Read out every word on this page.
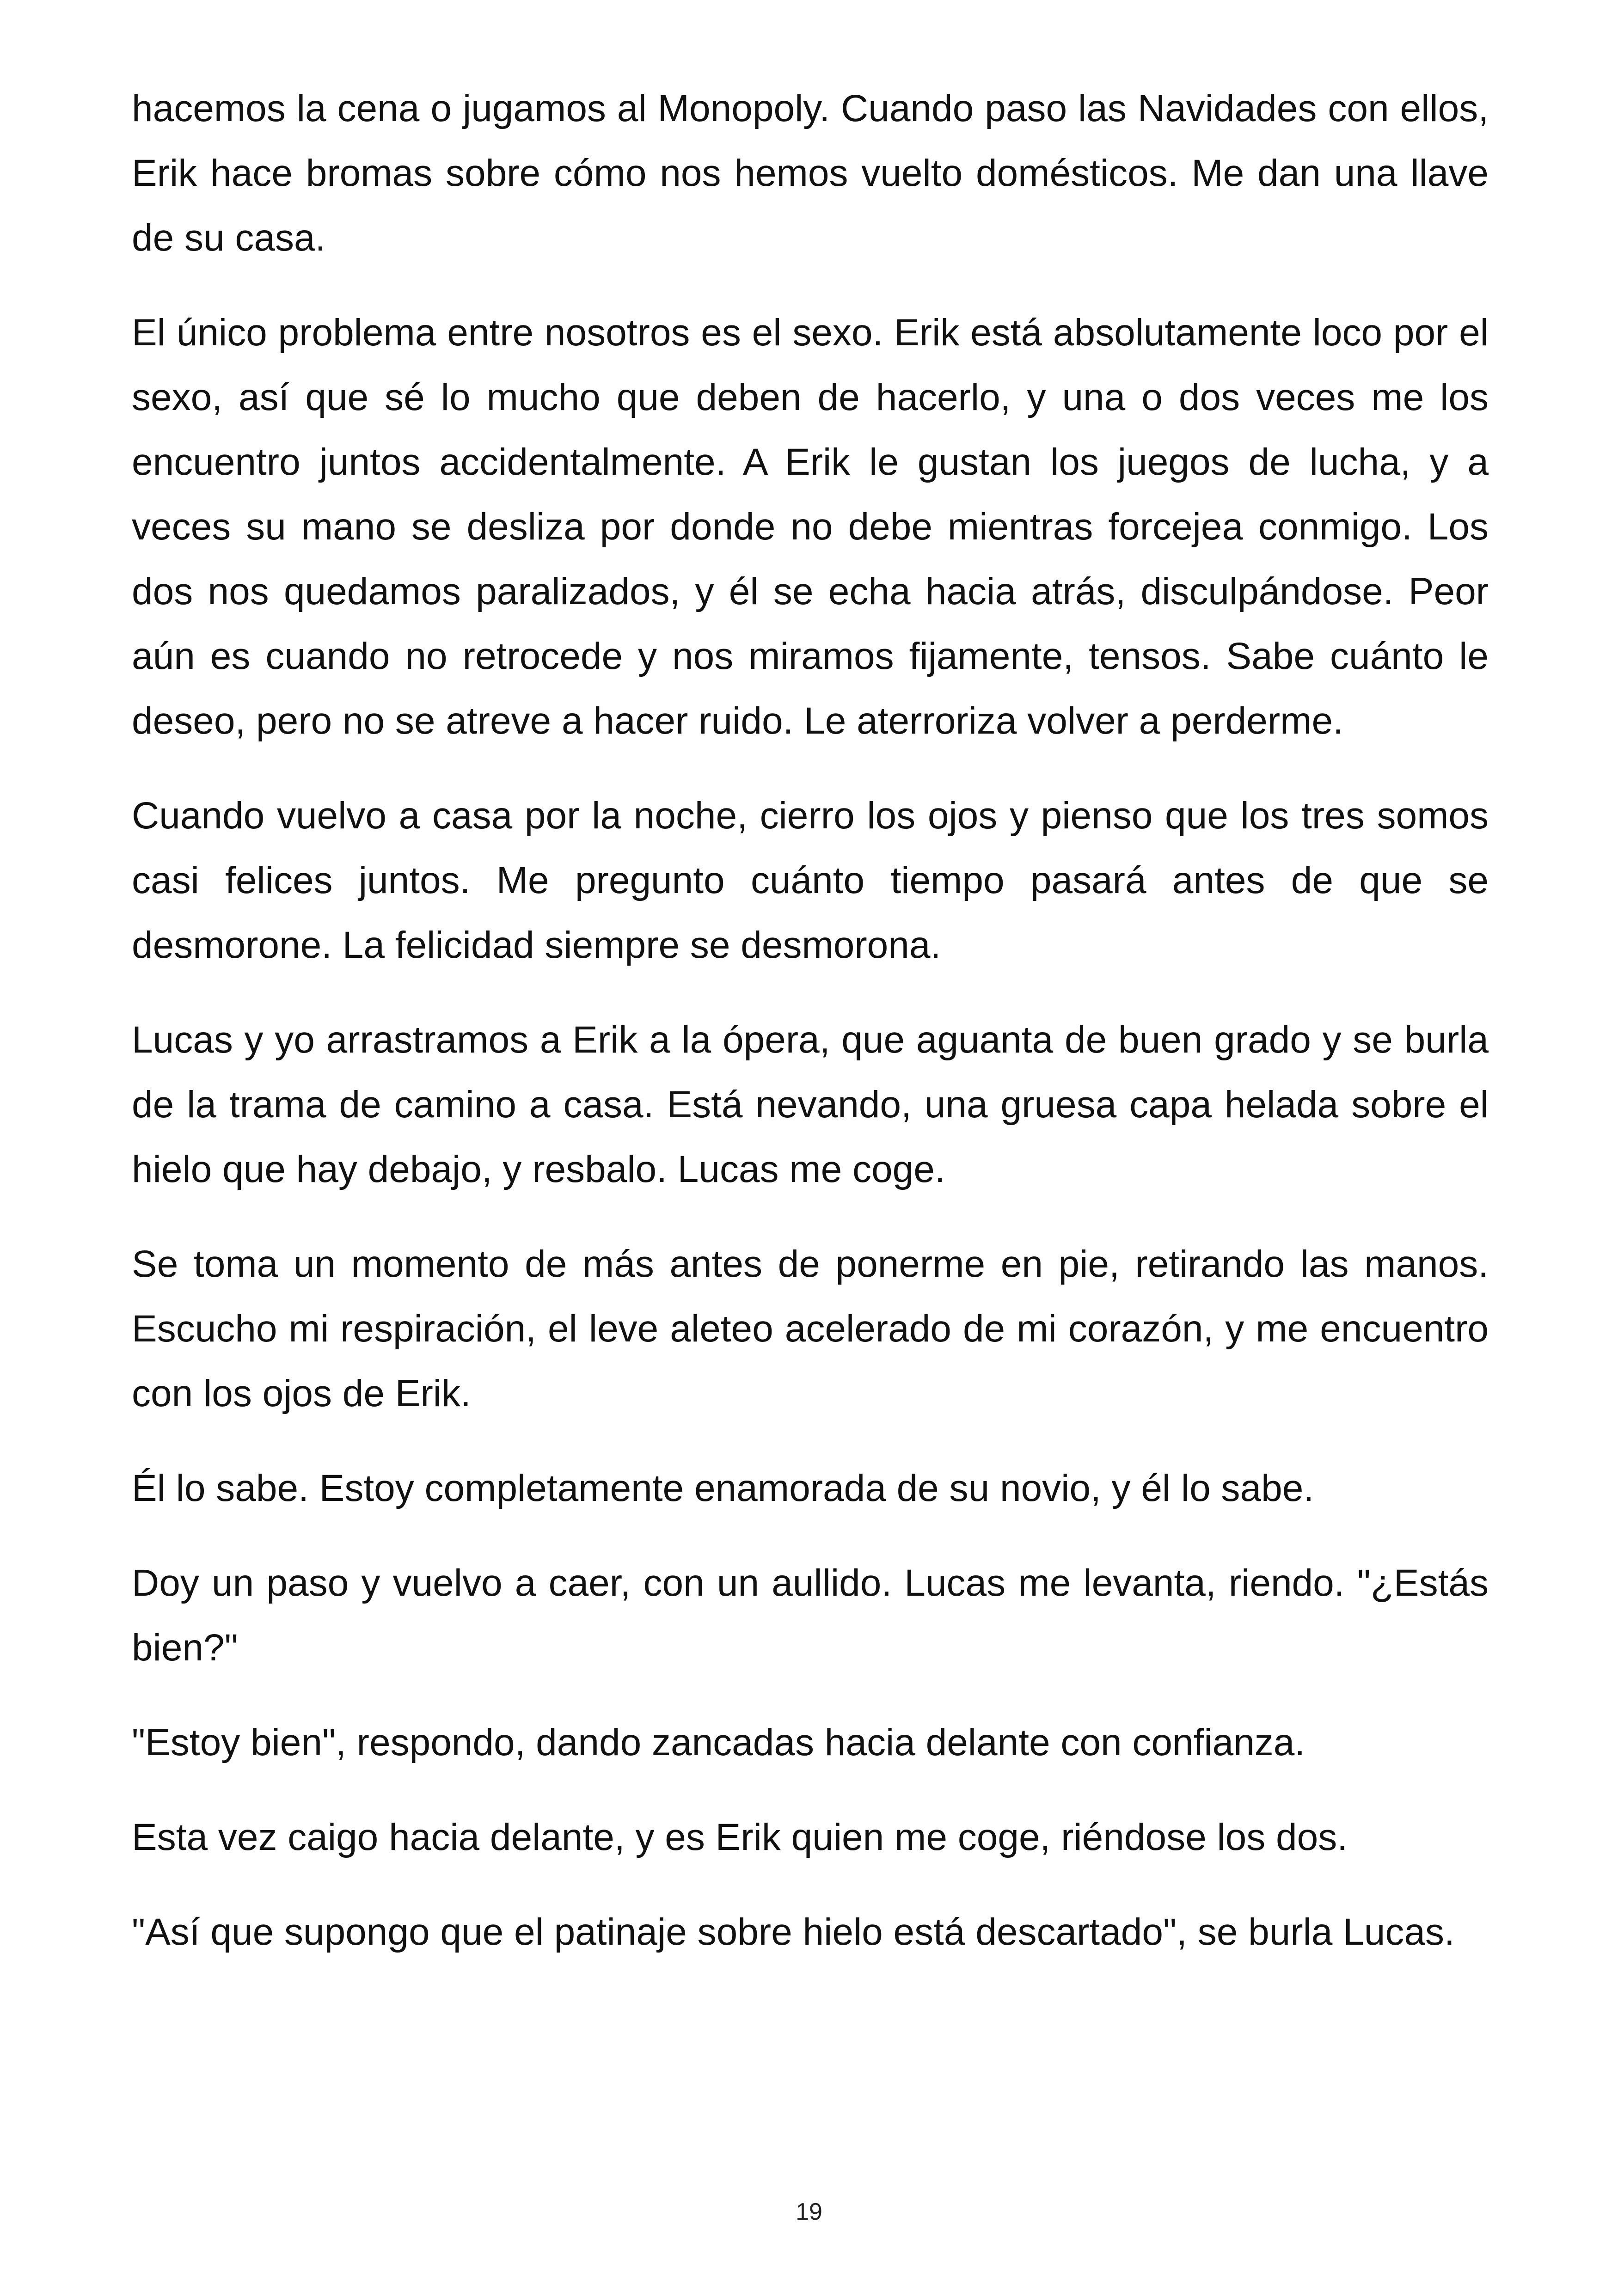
hacemos la cena o jugamos al Monopoly. Cuando paso las Navidades con ellos, Erik hace bromas sobre cómo nos hemos vuelto domésticos. Me dan una llave de su casa.

El único problema entre nosotros es el sexo. Erik está absolutamente loco por el sexo, así que sé lo mucho que deben de hacerlo, y una o dos veces me los encuentro juntos accidentalmente. A Erik le gustan los juegos de lucha, y a veces su mano se desliza por donde no debe mientras forcejea conmigo. Los dos nos quedamos paralizados, y él se echa hacia atrás, disculpándose. Peor aún es cuando no retrocede y nos miramos fijamente, tensos. Sabe cuánto le deseo, pero no se atreve a hacer ruido. Le aterroriza volver a perderme.

Cuando vuelvo a casa por la noche, cierro los ojos y pienso que los tres somos casi felices juntos. Me pregunto cuánto tiempo pasará antes de que se desmorone. La felicidad siempre se desmorona.

Lucas y yo arrastramos a Erik a la ópera, que aguanta de buen grado y se burla de la trama de camino a casa. Está nevando, una gruesa capa helada sobre el hielo que hay debajo, y resbalo. Lucas me coge.

Se toma un momento de más antes de ponerme en pie, retirando las manos. Escucho mi respiración, el leve aleteo acelerado de mi corazón, y me encuentro con los ojos de Erik.

Él lo sabe. Estoy completamente enamorada de su novio, y él lo sabe.

Doy un paso y vuelvo a caer, con un aullido. Lucas me levanta, riendo. "¿Estás bien?"

"Estoy bien", respondo, dando zancadas hacia delante con confianza.

Esta vez caigo hacia delante, y es Erik quien me coge, riéndose los dos.

"Así que supongo que el patinaje sobre hielo está descartado", se burla Lucas.

19
